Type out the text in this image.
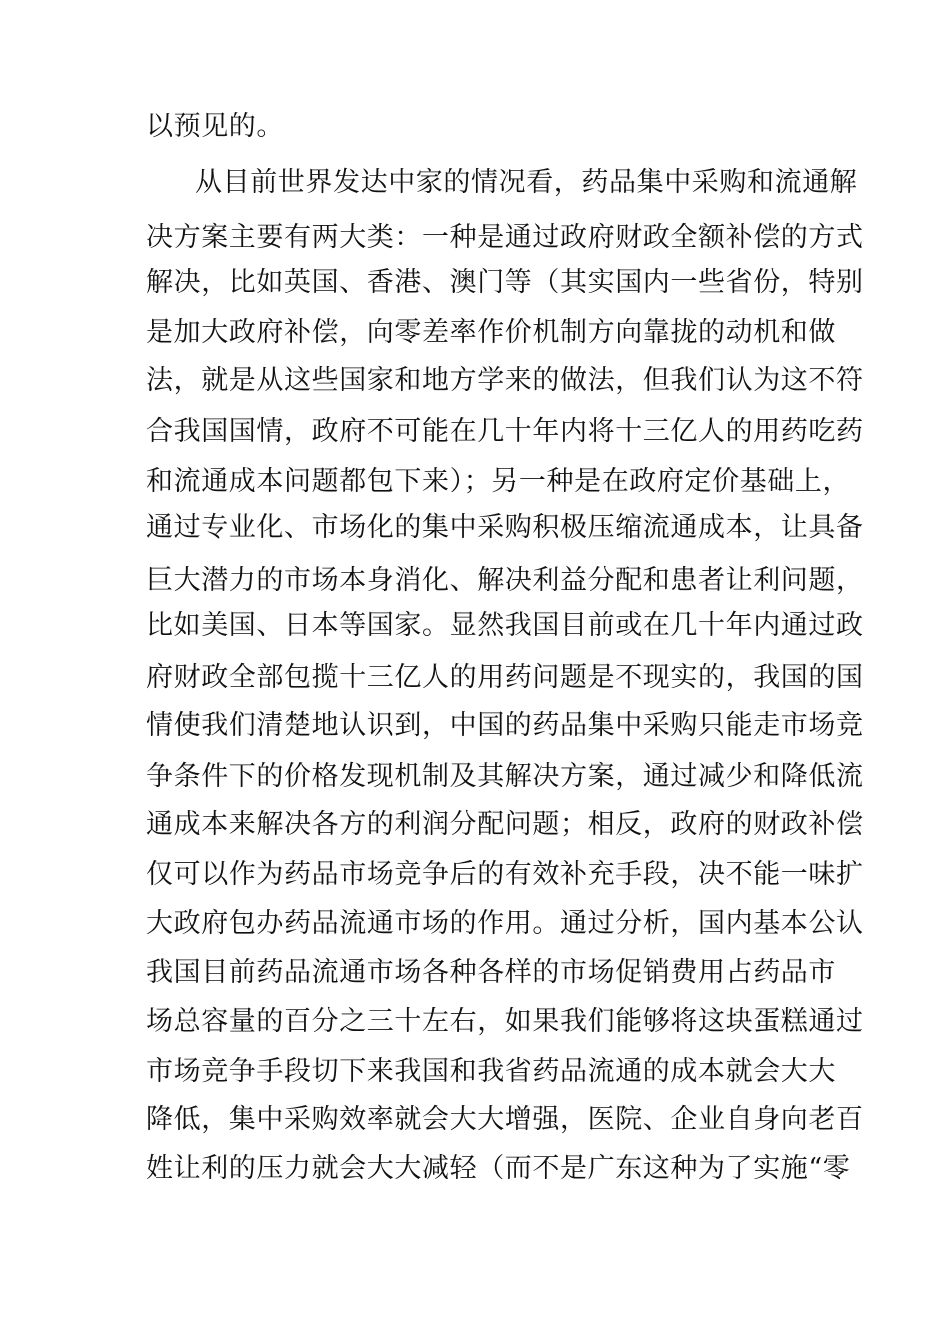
以预见的。
从目前世界发达中家的情况看，药品集中采购和流通解
决方案主要有两大类：一种是通过政府财政全额补偿的方式
解决，比如英国、香港、澳门等（其实国内一些省份，特别
是加大政府补偿，向零差率作价机制方向靠拢的动机和做
法，就是从这些国家和地方学来的做法，但我们认为这不符
合我国国情，政府不可能在几十年内将十三亿人的用药吃药
和流通成本问题都包下来）；另一种是在政府定价基础上，
通过专业化、市场化的集中采购积极压缩流通成本，让具备
巨大潜力的市场本身消化、解决利益分配和患者让利问题，
比如美国、日本等国家。显然我国目前或在几十年内通过政
府财政全部包揽十三亿人的用药问题是不现实的，我国的国
情使我们清楚地认识到，中国的药品集中采购只能走市场竞
争条件下的价格发现机制及其解决方案，通过减少和降低流
通成本来解决各方的利润分配问题；相反，政府的财政补偿
仅可以作为药品市场竞争后的有效补充手段，决不能一味扩
大政府包办药品流通市场的作用。通过分析，国内基本公认
我国目前药品流通市场各种各样的市场促销费用占药品市
场总容量的百分之三十左右，如果我们能够将这块蛋糕通过
市场竞争手段切下来我国和我省药品流通的成本就会大大
降低，集中采购效率就会大大增强，医院、企业自身向老百
姓让利的压力就会大大减轻（而不是广东这种为了实施“零
